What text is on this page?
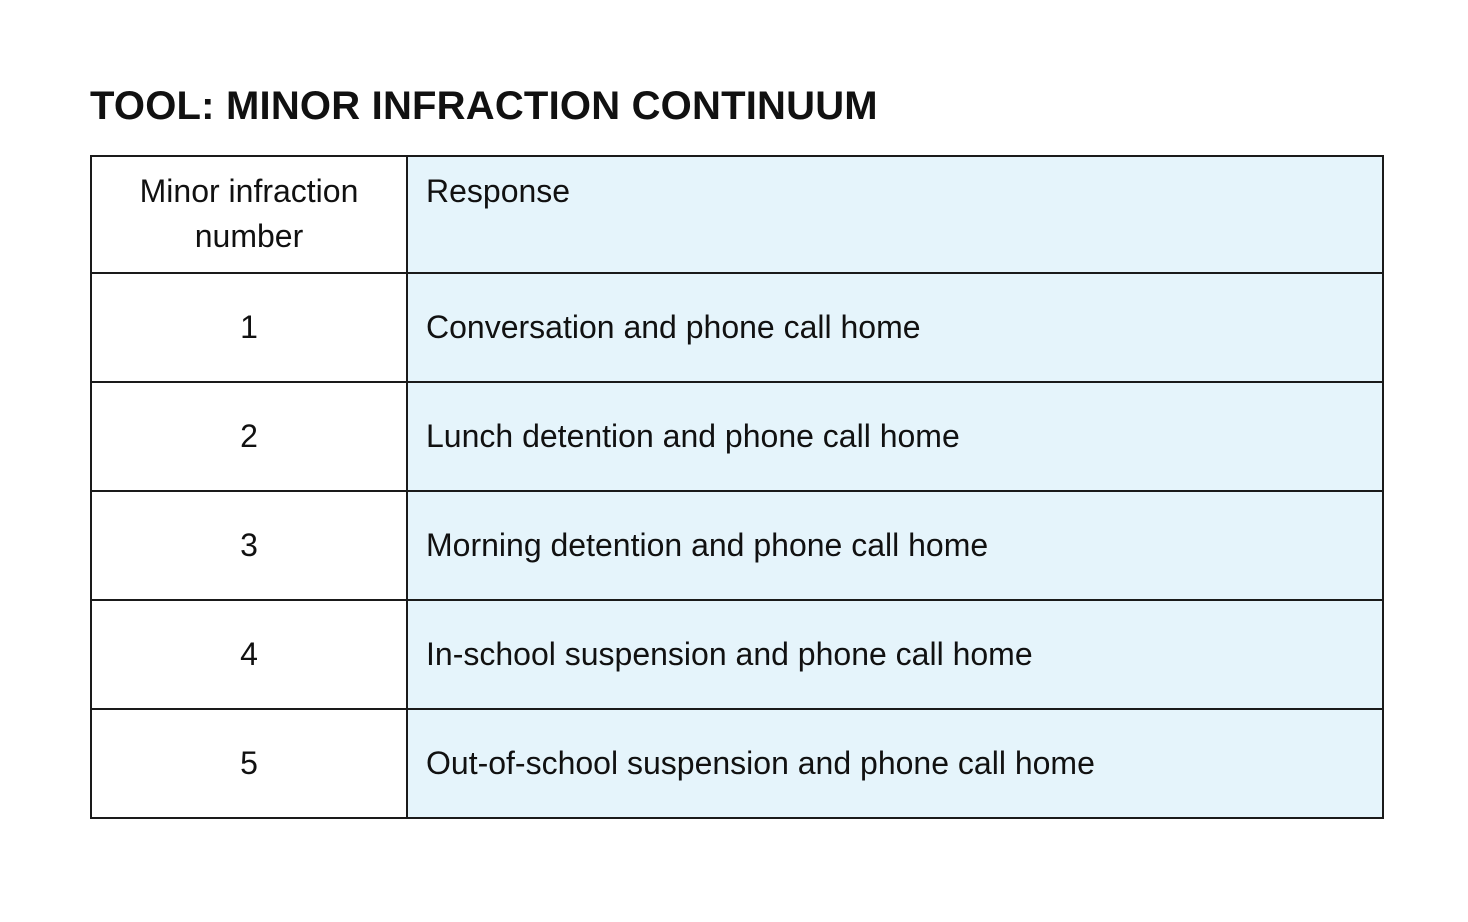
TOOL: MINOR INFRACTION CONTINUUM
Minor infraction number	Response
1	Conversation and phone call home
2	Lunch detention and phone call home
3	Morning detention and phone call home
4	In-school suspension and phone call home
5	Out-of-school suspension and phone call home
